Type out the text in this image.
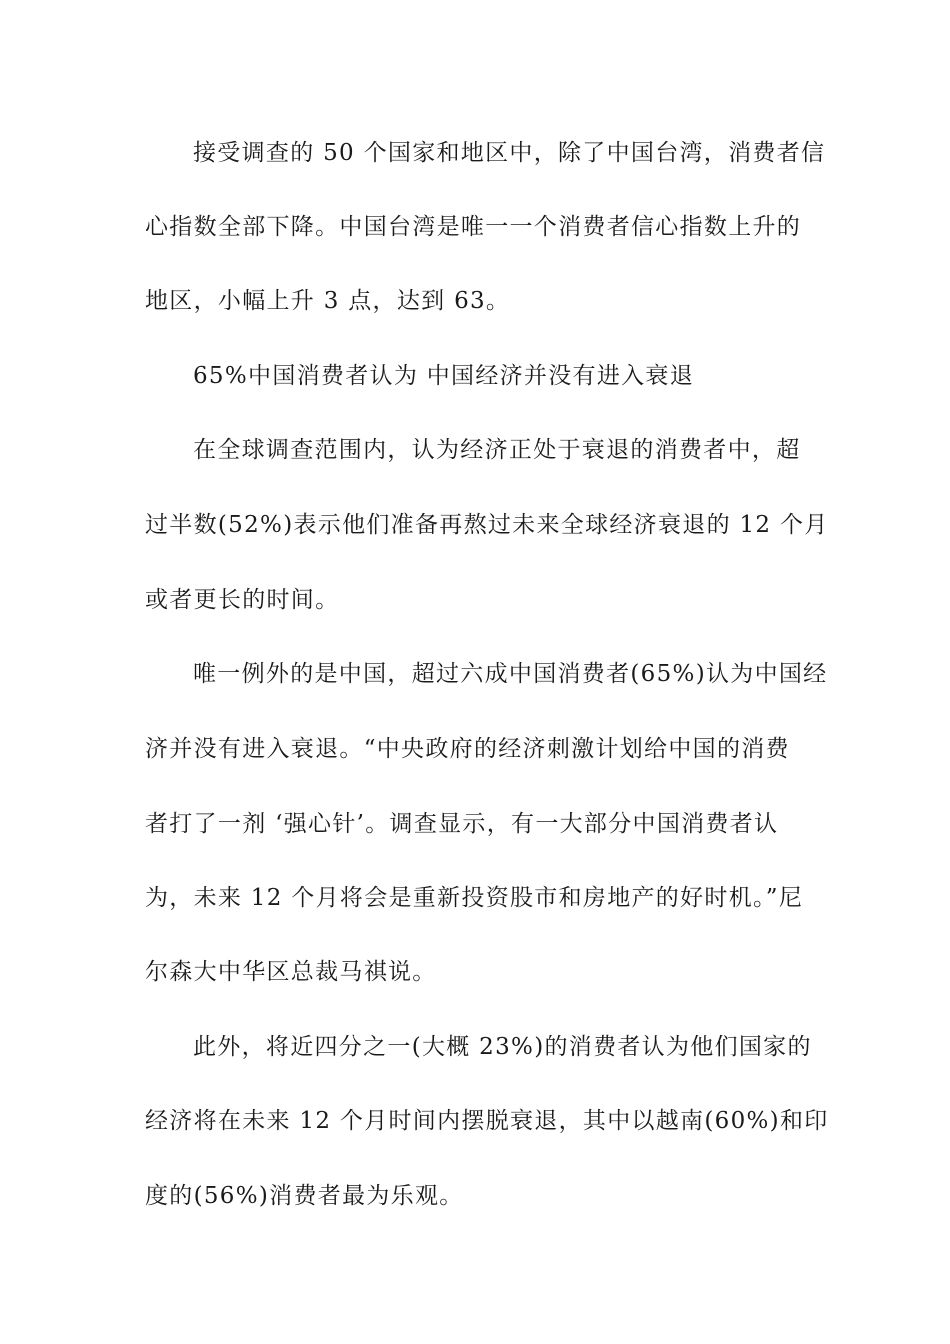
接受调查的 50 个国家和地区中，除了中国台湾，消费者信
心指数全部下降。中国台湾是唯一一个消费者信心指数上升的
地区，小幅上升 3 点，达到 63。
65%中国消费者认为 中国经济并没有进入衰退
在全球调查范围内，认为经济正处于衰退的消费者中，超
过半数(52%)表示他们准备再熬过未来全球经济衰退的 12 个月
或者更长的时间。
唯一例外的是中国，超过六成中国消费者(65%)认为中国经
济并没有进入衰退。“中央政府的经济刺激计划给中国的消费
者打了一剂 ‘强心针’。调查显示，有一大部分中国消费者认
为，未来 12 个月将会是重新投资股市和房地产的好时机。”尼
尔森大中华区总裁马祺说。
此外，将近四分之一(大概 23%)的消费者认为他们国家的
经济将在未来 12 个月时间内摆脱衰退，其中以越南(60%)和印
度的(56%)消费者最为乐观。
